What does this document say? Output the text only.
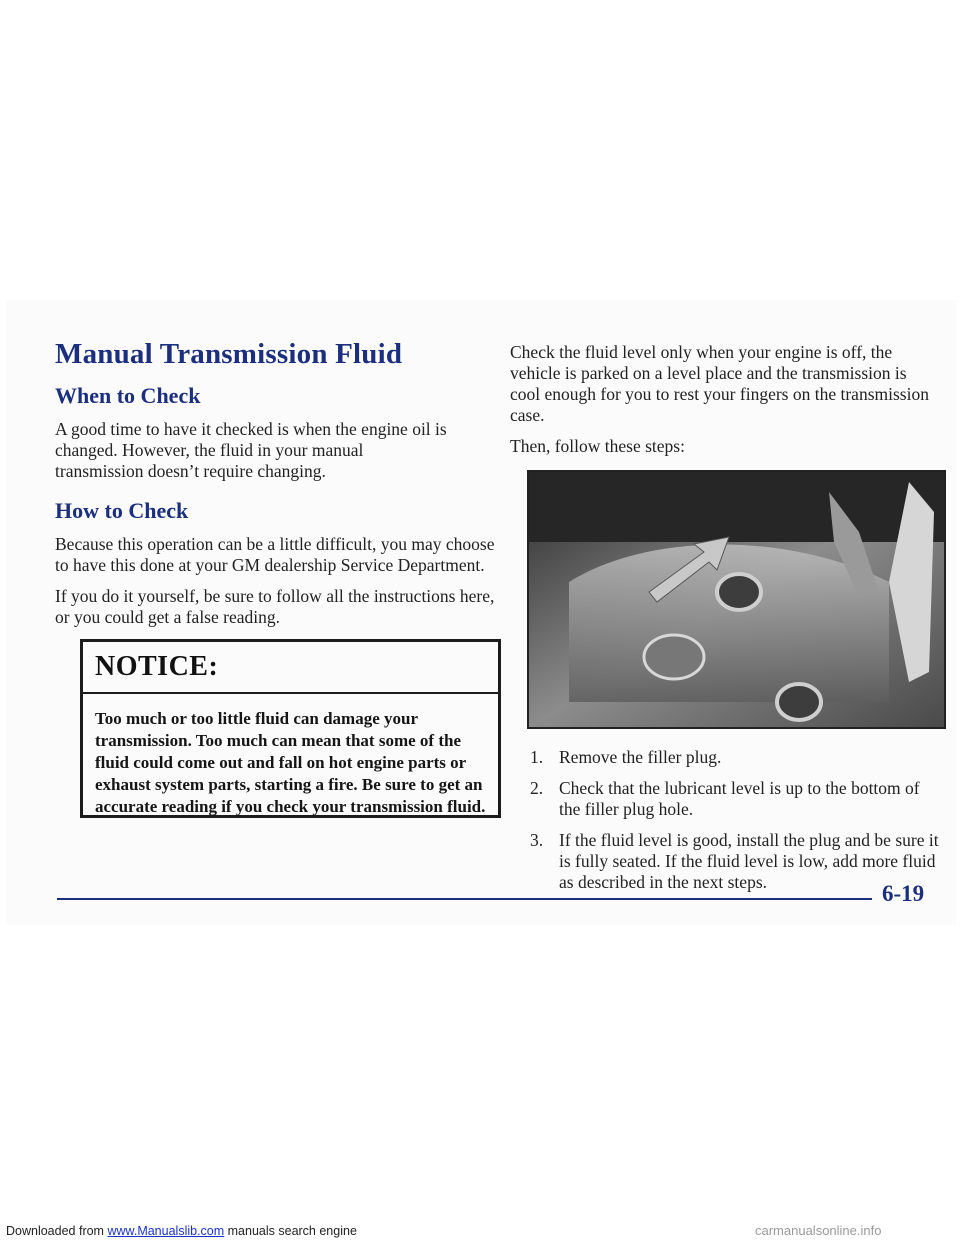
Manual Transmission Fluid
When to Check

A good time to have it checked is when the engine oil is changed. However, the fluid in your manual transmission doesn’t require changing.

How to Check

Because this operation can be a little difficult, you may choose to have this done at your GM dealership Service Department.

If you do it yourself, be sure to follow all the instructions here, or you could get a false reading.

NOTICE:
Too much or too little fluid can damage your transmission. Too much can mean that some of the fluid could come out and fall on hot engine parts or exhaust system parts, starting a fire. Be sure to get an accurate reading if you check your transmission fluid.

Check the fluid level only when your engine is off, the vehicle is parked on a level place and the transmission is cool enough for you to rest your fingers on the transmission case.

Then, follow these steps:

1. Remove the filler plug.
2. Check that the lubricant level is up to the bottom of the filler plug hole.
3. If the fluid level is good, install the plug and be sure it is fully seated. If the fluid level is low, add more fluid as described in the next steps.	6-19
Downloaded from www.Manualslib.com manuals search engine	carmanualsonline.info
